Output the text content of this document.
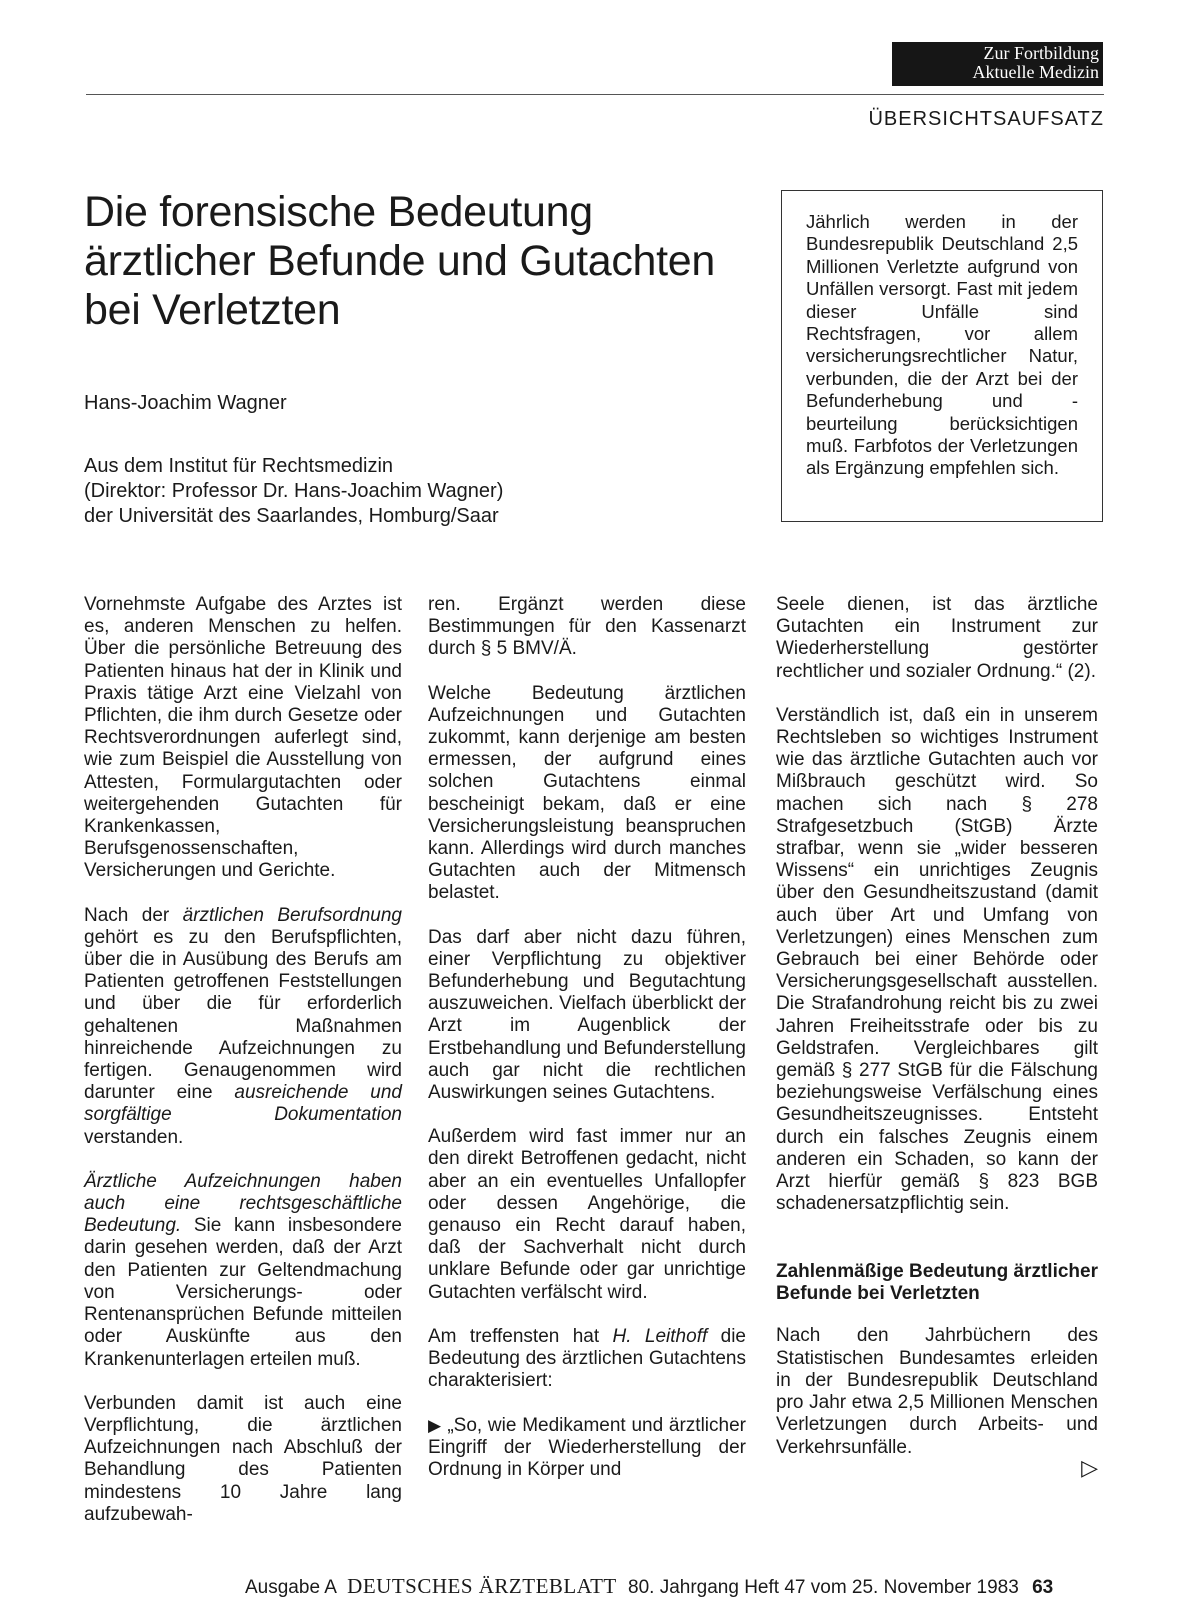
Zur Fortbildung
Aktuelle Medizin
ÜBERSICHTSAUFSATZ
Die forensische Bedeutung ärztlicher Befunde und Gutachten bei Verletzten
Hans-Joachim Wagner
Aus dem Institut für Rechtsmedizin
(Direktor: Professor Dr. Hans-Joachim Wagner)
der Universität des Saarlandes, Homburg/Saar
Jährlich werden in der Bundesrepublik Deutschland 2,5 Millionen Verletzte aufgrund von Unfällen versorgt. Fast mit jedem dieser Unfälle sind Rechtsfragen, vor allem versicherungsrechtlicher Natur, verbunden, die der Arzt bei der Befunderhebung und -beurteilung berücksichtigen muß. Farbfotos der Verletzungen als Ergänzung empfehlen sich.

Vornehmste Aufgabe des Arztes ist es, anderen Menschen zu helfen. Über die persönliche Betreuung des Patienten hinaus hat der in Klinik und Praxis tätige Arzt eine Vielzahl von Pflichten, die ihm durch Gesetze oder Rechtsverordnungen auferlegt sind, wie zum Beispiel die Ausstellung von Attesten, Formulargutachten oder weitergehenden Gutachten für Krankenkassen, Berufsgenossenschaften, Versicherungen und Gerichte.

Nach der ärztlichen Berufsordnung gehört es zu den Berufspflichten, über die in Ausübung des Berufs am Patienten getroffenen Feststellungen und über die für erforderlich gehaltenen Maßnahmen hinreichende Aufzeichnungen zu fertigen. Genaugenommen wird darunter eine ausreichende und sorgfältige Dokumentation verstanden.

Ärztliche Aufzeichnungen haben auch eine rechtsgeschäftliche Bedeutung. Sie kann insbesondere darin gesehen werden, daß der Arzt den Patienten zur Geltendmachung von Versicherungs- oder Rentenansprüchen Befunde mitteilen oder Auskünfte aus den Krankenunterlagen erteilen muß.

Verbunden damit ist auch eine Verpflichtung, die ärztlichen Aufzeichnungen nach Abschluß der Behandlung des Patienten mindestens 10 Jahre lang aufzubewah-

ren. Ergänzt werden diese Bestimmungen für den Kassenarzt durch § 5 BMV/Ä.

Welche Bedeutung ärztlichen Aufzeichnungen und Gutachten zukommt, kann derjenige am besten ermessen, der aufgrund eines solchen Gutachtens einmal bescheinigt bekam, daß er eine Versicherungsleistung beanspruchen kann. Allerdings wird durch manches Gutachten auch der Mitmensch belastet.

Das darf aber nicht dazu führen, einer Verpflichtung zu objektiver Befunderhebung und Begutachtung auszuweichen. Vielfach überblickt der Arzt im Augenblick der Erstbehandlung und Befunderstellung auch gar nicht die rechtlichen Auswirkungen seines Gutachtens.

Außerdem wird fast immer nur an den direkt Betroffenen gedacht, nicht aber an ein eventuelles Unfallopfer oder dessen Angehörige, die genauso ein Recht darauf haben, daß der Sachverhalt nicht durch unklare Befunde oder gar unrichtige Gutachten verfälscht wird.

Am treffensten hat H. Leithoff die Bedeutung des ärztlichen Gutachtens charakterisiert:

▶ „So, wie Medikament und ärztlicher Eingriff der Wiederherstellung der Ordnung in Körper und

Seele dienen, ist das ärztliche Gutachten ein Instrument zur Wiederherstellung gestörter rechtlicher und sozialer Ordnung.“ (2).

Verständlich ist, daß ein in unserem Rechtsleben so wichtiges Instrument wie das ärztliche Gutachten auch vor Mißbrauch geschützt wird. So machen sich nach § 278 Strafgesetzbuch (StGB) Ärzte strafbar, wenn sie „wider besseren Wissens“ ein unrichtiges Zeugnis über den Gesundheitszustand (damit auch über Art und Umfang von Verletzungen) eines Menschen zum Gebrauch bei einer Behörde oder Versicherungsgesellschaft ausstellen. Die Strafandrohung reicht bis zu zwei Jahren Freiheitsstrafe oder bis zu Geldstrafen. Vergleichbares gilt gemäß § 277 StGB für die Fälschung beziehungsweise Verfälschung eines Gesundheitszeugnisses. Entsteht durch ein falsches Zeugnis einem anderen ein Schaden, so kann der Arzt hierfür gemäß § 823 BGB schadenersatzpflichtig sein.

Zahlenmäßige Bedeutung ärztlicher Befunde bei Verletzten

Nach den Jahrbüchern des Statistischen Bundesamtes erleiden in der Bundesrepublik Deutschland pro Jahr etwa 2,5 Millionen Menschen Verletzungen durch Arbeits- und Verkehrsunfälle.

▷
Ausgabe A DEUTSCHES ÄRZTEBLATT 80. Jahrgang Heft 47 vom 25. November 1983 63
